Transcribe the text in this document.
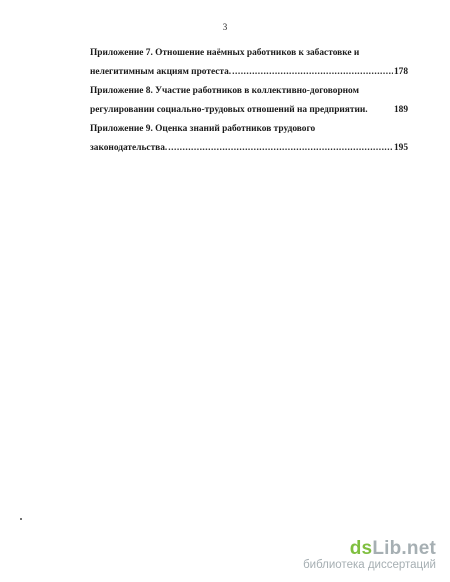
3
Приложение 7. Отношение наёмных работников к забастовке и
нелегитимным акциям протеста. .....	178
Приложение 8. Участие работников в коллективно-договорном
регулировании социально-трудовых отношений на предприятии.	189
Приложение 9. Оценка знаний работников трудового
законодательства. .....	195
dsLib.net
библиотека диссертаций
